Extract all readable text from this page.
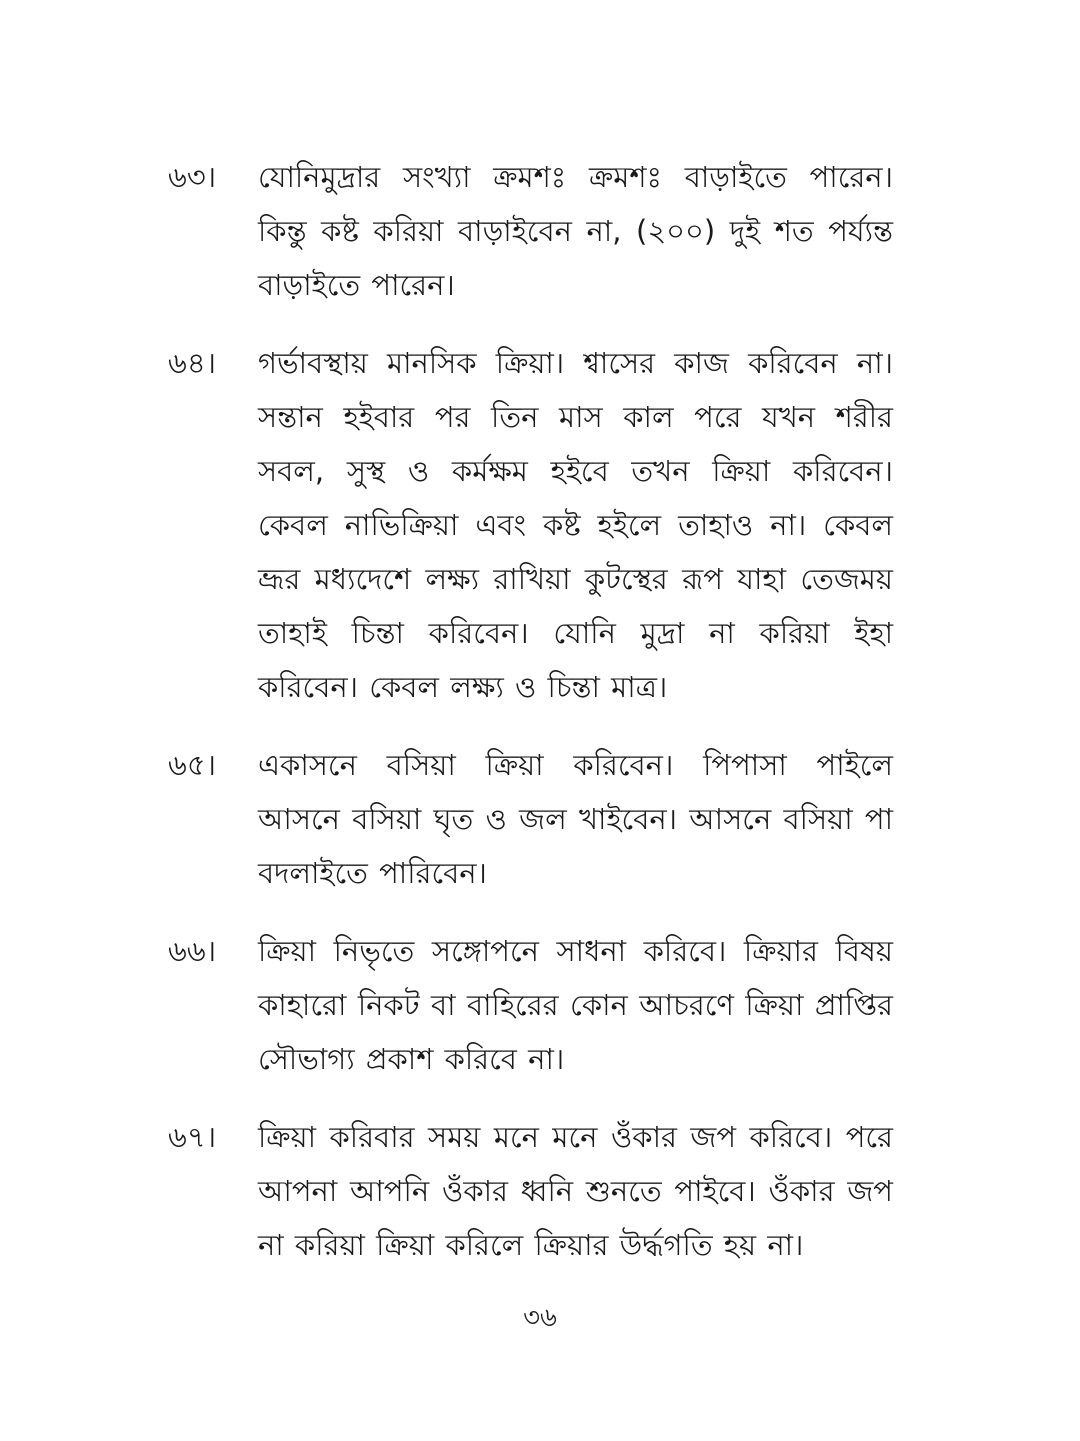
৬৩।	যোনিমুদ্রার সংখ্যা ক্রমশঃ ক্রমশঃ বাড়াইতে পারেন। কিন্তু কষ্ট করিয়া বাড়াইবেন না, (২০০) দুই শত পর্য্যন্ত বাড়াইতে পারেন।
৬৪।	গর্ভাবস্থায় মানসিক ক্রিয়া। শ্বাসের কাজ করিবেন না। সন্তান হইবার পর তিন মাস কাল পরে যখন শরীর সবল, সুস্থ ও কর্মক্ষম হইবে তখন ক্রিয়া করিবেন। কেবল নাভিক্রিয়া এবং কষ্ট হইলে তাহাও না। কেবল ভ্রূর মধ্যদেশে লক্ষ্য রাখিয়া কুটস্থের রূপ যাহা তেজময় তাহাই চিন্তা করিবেন। যোনি মুদ্রা না করিয়া ইহা করিবেন। কেবল লক্ষ্য ও চিন্তা মাত্র।
৬৫।	একাসনে বসিয়া ক্রিয়া করিবেন। পিপাসা পাইলে আসনে বসিয়া ঘৃত ও জল খাইবেন। আসনে বসিয়া পা বদলাইতে পারিবেন।
৬৬।	ক্রিয়া নিভৃতে সঙ্গোপনে সাধনা করিবে। ক্রিয়ার বিষয় কাহারো নিকট বা বাহিরের কোন আচরণে ক্রিয়া প্রাপ্তির সৌভাগ্য প্রকাশ করিবে না।
৬৭।	ক্রিয়া করিবার সময় মনে মনে ওঁকার জপ করিবে। পরে আপনা আপনি ওঁকার ধ্বনি শুনতে পাইবে। ওঁকার জপ না করিয়া ক্রিয়া করিলে ক্রিয়ার উর্দ্ধগতি হয় না।
৩৬
